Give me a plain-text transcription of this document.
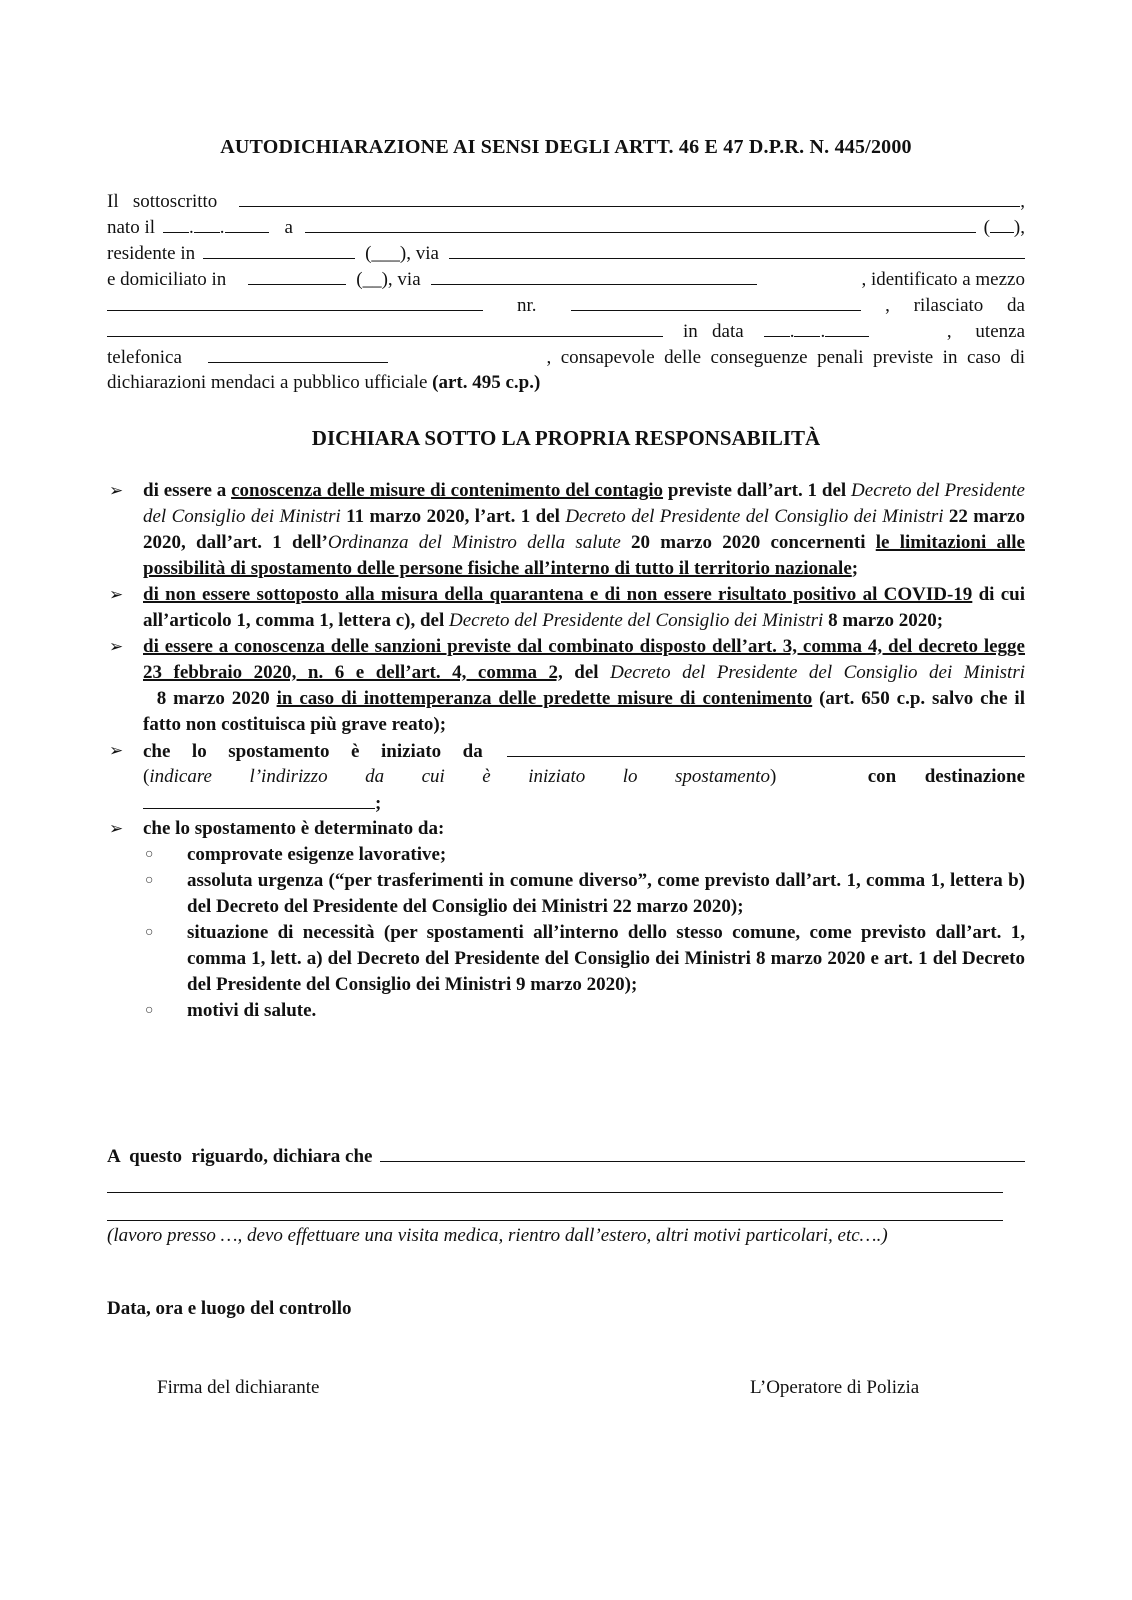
AUTODICHIARAZIONE AI SENSI DEGLI ARTT. 46 E 47 D.P.R. N. 445/2000
Il   sottoscritto	,
nato il . .	a	( ),
residente in	(___), via
e domiciliato in	(__), via	, identificato a mezzo
nr.	,     rilasciato     da
in   data . .	,     utenza
telefonica	,  consapevole  delle  conseguenze  penali  previste  in  caso  di
dichiarazioni mendaci a pubblico ufficiale (art. 495 c.p.)
DICHIARA SOTTO LA PROPRIA RESPONSABILITÀ
➢ di essere a conoscenza delle misure di contenimento del contagio previste dall’art. 1 del Decreto del Presidente del Consiglio dei Ministri 11 marzo 2020, l’art. 1 del Decreto del Presidente del Consiglio dei Ministri 22 marzo 2020, dall’art. 1 dell’Ordinanza del Ministro della salute 20 marzo 2020 concernenti le limitazioni alle possibilità di spostamento delle persone fisiche all’interno di tutto il territorio nazionale;
➢ di non essere sottoposto alla misura della quarantena e di non essere risultato positivo al COVID-19 di cui all’articolo 1, comma 1, lettera c), del Decreto del Presidente del Consiglio dei Ministri 8 marzo 2020;
➢ di essere a conoscenza delle sanzioni previste dal combinato disposto dell’art. 3, comma 4, del decreto legge 23 febbraio 2020, n. 6 e dell’art. 4, comma 2, del Decreto del Presidente del Consiglio dei Ministri  8 marzo 2020 in caso di inottemperanza delle predette misure di contenimento (art. 650 c.p. salvo che il fatto non costituisca più grave reato);
➢ che  lo  spostamento  è  iniziato  da
(indicare  l’indirizzo  da  cui  è  iniziato  lo  spostamento)	con      destinazione
;
➢ che lo spostamento è determinato da:
○ comprovate esigenze lavorative;
○ assoluta urgenza (“per trasferimenti in comune diverso”, come previsto dall’art. 1, comma 1, lettera b) del Decreto del Presidente del Consiglio dei Ministri 22 marzo 2020);
○ situazione di necessità (per spostamenti all’interno dello stesso comune, come previsto dall’art. 1, comma 1, lett. a) del Decreto del Presidente del Consiglio dei Ministri 8 marzo 2020 e art. 1 del Decreto del Presidente del Consiglio dei Ministri 9 marzo 2020);
○ motivi di salute.
A  questo  riguardo, dichiara che
(lavoro presso …, devo effettuare una visita medica, rientro dall’estero, altri motivi particolari, etc….)
Data, ora e luogo del controllo
Firma del dichiarante	L’Operatore di Polizia
